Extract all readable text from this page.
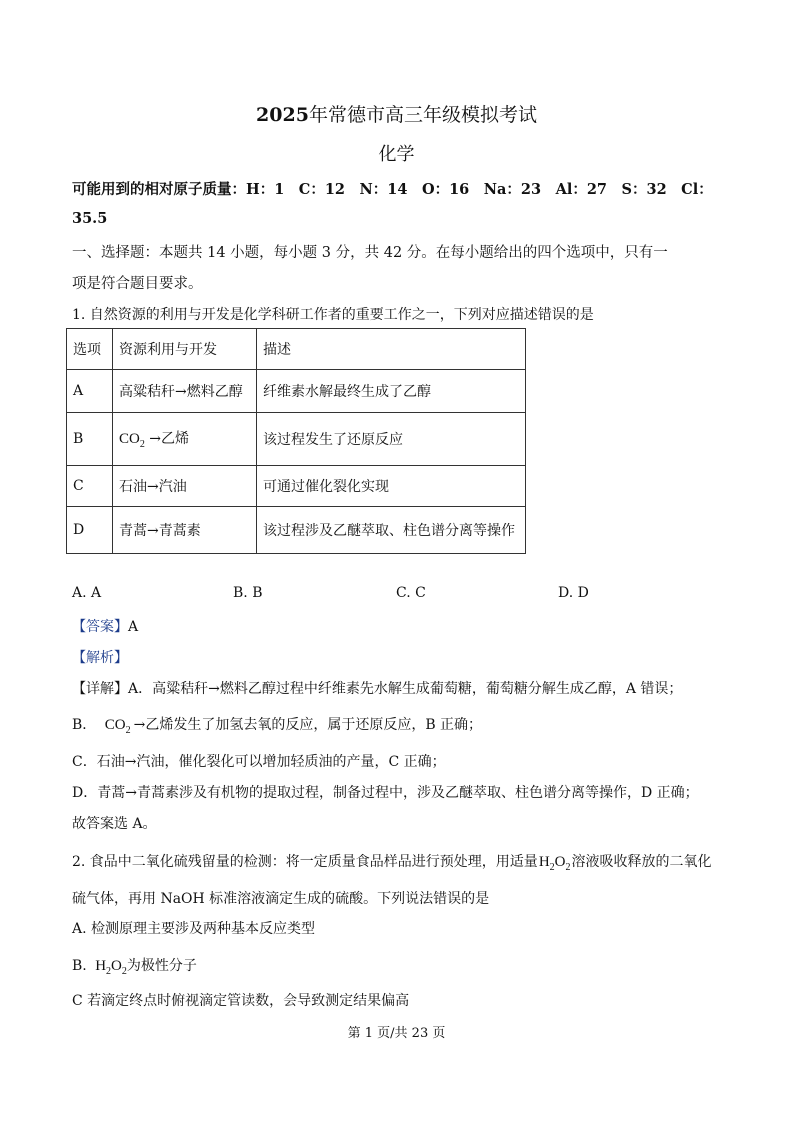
2025年常德市高三年级模拟考试
化学
可能用到的相对原子质量：H：1　C：12　N：14　O：16　Na：23　Al：27　S：32　Cl：
35.5
一、选择题：本题共 14 小题，每小题 3 分，共 42 分。在每小题给出的四个选项中，只有一
项是符合题目要求。
1. 自然资源的利用与开发是化学科研工作者的重要工作之一，下列对应描述错误的是
选项	资源利用与开发	描述
A	高粱秸秆→燃料乙醇	纤维素水解最终生成了乙醇
B	$CO_2$ →乙烯	该过程发生了还原反应
C	石油→汽油	可通过催化裂化实现
D	青蒿→青蒿素	该过程涉及乙醚萃取、柱色谱分离等操作
A. A	B. B	C. C	D. D
【答案】A
【解析】
【详解】A．高粱秸秆→燃料乙醇过程中纤维素先水解生成葡萄糖，葡萄糖分解生成乙醇，A 错误；
B． $CO_2$ →乙烯发生了加氢去氧的反应，属于还原反应，B 正确；
C．石油→汽油，催化裂化可以增加轻质油的产量，C 正确；
D．青蒿→青蒿素涉及有机物的提取过程，制备过程中，涉及乙醚萃取、柱色谱分离等操作，D 正确；
故答案选 A。
2. 食品中二氧化硫残留量的检测：将一定质量食品样品进行预处理，用适量$H_2O_2$溶液吸收释放的二氧化
硫气体，再用 NaOH 标准溶液滴定生成的硫酸。下列说法错误的是
A. 检测原理主要涉及两种基本反应类型
B. $H_2O_2$为极性分子
C 若滴定终点时俯视滴定管读数，会导致测定结果偏高
第 1 页/共 23 页
